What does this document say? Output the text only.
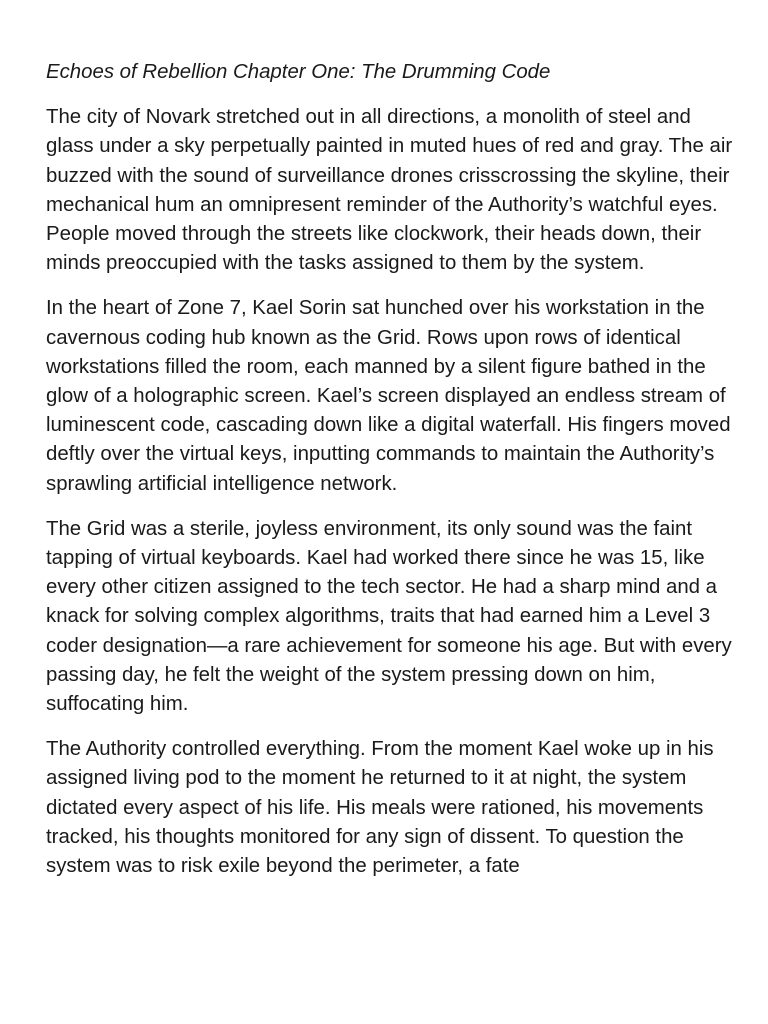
Echoes of Rebellion Chapter One: The Drumming Code

The city of Novark stretched out in all directions, a monolith of steel and glass under a sky perpetually painted in muted hues of red and gray. The air buzzed with the sound of surveillance drones crisscrossing the skyline, their mechanical hum an omnipresent reminder of the Authority’s watchful eyes. People moved through the streets like clockwork, their heads down, their minds preoccupied with the tasks assigned to them by the system.

In the heart of Zone 7, Kael Sorin sat hunched over his workstation in the cavernous coding hub known as the Grid. Rows upon rows of identical workstations filled the room, each manned by a silent figure bathed in the glow of a holographic screen. Kael’s screen displayed an endless stream of luminescent code, cascading down like a digital waterfall. His fingers moved deftly over the virtual keys, inputting commands to maintain the Authority’s sprawling artificial intelligence network.

The Grid was a sterile, joyless environment, its only sound was the faint tapping of virtual keyboards. Kael had worked there since he was 15, like every other citizen assigned to the tech sector. He had a sharp mind and a knack for solving complex algorithms, traits that had earned him a Level 3 coder designation—a rare achievement for someone his age. But with every passing day, he felt the weight of the system pressing down on him, suffocating him.

The Authority controlled everything. From the moment Kael woke up in his assigned living pod to the moment he returned to it at night, the system dictated every aspect of his life. His meals were rationed, his movements tracked, his thoughts monitored for any sign of dissent. To question the system was to risk exile beyond the perimeter, a fate
